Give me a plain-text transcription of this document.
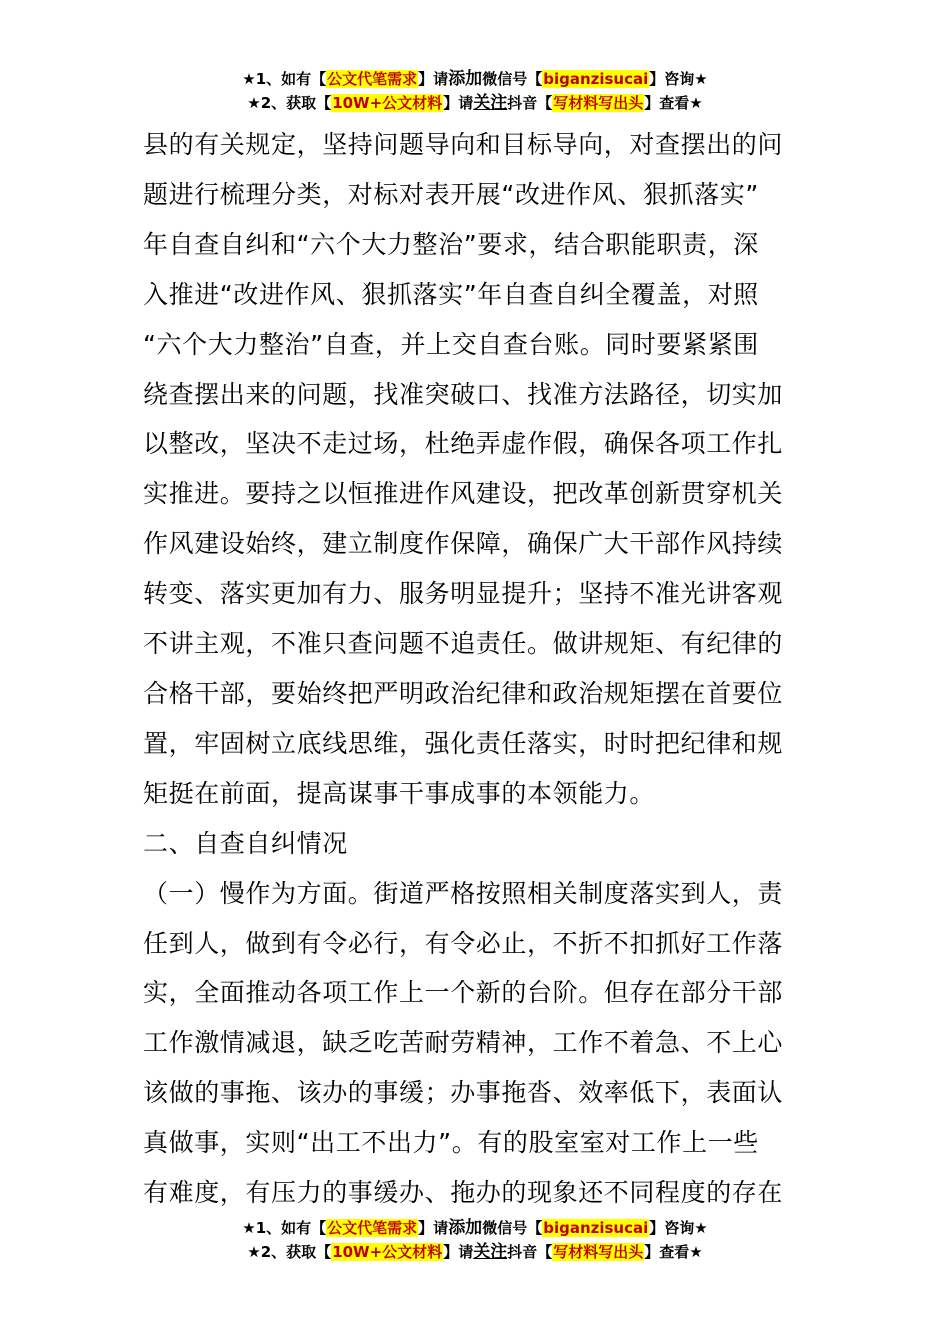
★1、如有【公文代笔需求】请添加微信号【biganzisucai】咨询★
★2、获取【10W+公文材料】请关注抖音【写材料写出头】查看★

县的有关规定，坚持问题导向和目标导向，对查摆出的问

题进行梳理分类，对标对表开展“改进作风、狠抓落实”

年自查自纠和“六个大力整治”要求，结合职能职责，深

入推进“改进作风、狠抓落实”年自查自纠全覆盖，对照

“六个大力整治”自查，并上交自查台账。同时要紧紧围

绕查摆出来的问题，找准突破口、找准方法路径，切实加

以整改，坚决不走过场，杜绝弄虚作假，确保各项工作扎

实推进。要持之以恒推进作风建设，把改革创新贯穿机关

作风建设始终，建立制度作保障，确保广大干部作风持续

转变、落实更加有力、服务明显提升；坚持不准光讲客观

不讲主观，不准只查问题不追责任。做讲规矩、有纪律的

合格干部，要始终把严明政治纪律和政治规矩摆在首要位

置，牢固树立底线思维，强化责任落实，时时把纪律和规

矩挺在前面，提高谋事干事成事的本领能力。

二、自查自纠情况

（一）慢作为方面。街道严格按照相关制度落实到人，责

任到人，做到有令必行，有令必止，不折不扣抓好工作落

实，全面推动各项工作上一个新的台阶。但存在部分干部

工作激情减退，缺乏吃苦耐劳精神，工作不着急、不上心

该做的事拖、该办的事缓；办事拖沓、效率低下，表面认

真做事，实则“出工不出力”。有的股室室对工作上一些

有难度，有压力的事缓办、拖办的现象还不同程度的存在

★1、如有【公文代笔需求】请添加微信号【biganzisucai】咨询★
★2、获取【10W+公文材料】请关注抖音【写材料写出头】查看★
